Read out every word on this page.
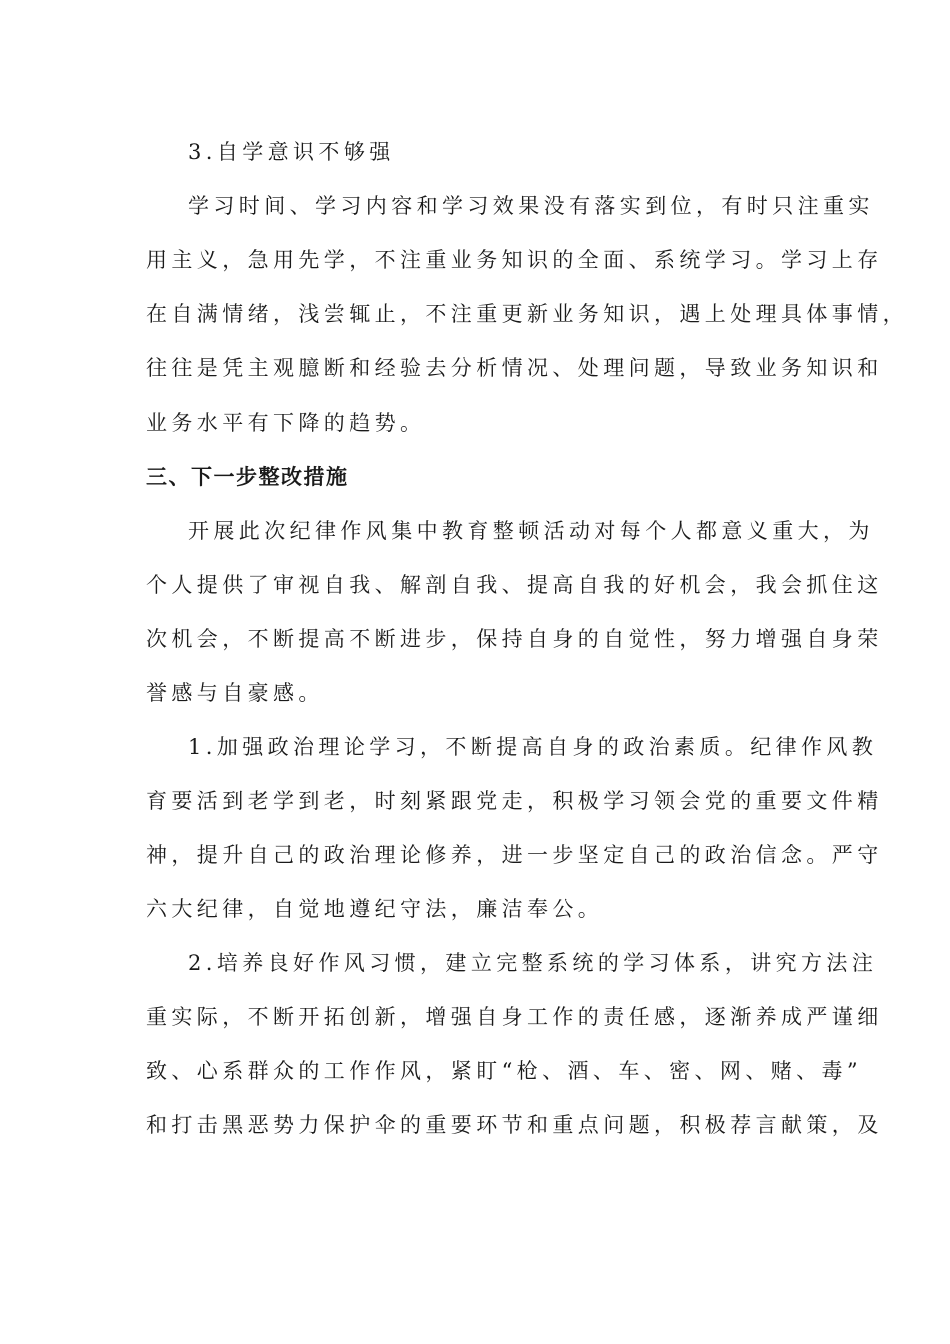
3.自学意识不够强
学习时间、学习内容和学习效果没有落实到位，有时只注重实
用主义，急用先学，不注重业务知识的全面、系统学习。学习上存
在自满情绪，浅尝辄止，不注重更新业务知识，遇上处理具体事情，
往往是凭主观臆断和经验去分析情况、处理问题，导致业务知识和
业务水平有下降的趋势。
三、下一步整改措施
开展此次纪律作风集中教育整顿活动对每个人都意义重大，为
个人提供了审视自我、解剖自我、提高自我的好机会，我会抓住这
次机会，不断提高不断进步，保持自身的自觉性，努力增强自身荣
誉感与自豪感。
1.加强政治理论学习，不断提高自身的政治素质。纪律作风教
育要活到老学到老，时刻紧跟党走，积极学习领会党的重要文件精
神，提升自己的政治理论修养，进一步坚定自己的政治信念。严守
六大纪律，自觉地遵纪守法，廉洁奉公。
2.培养良好作风习惯，建立完整系统的学习体系，讲究方法注
重实际，不断开拓创新，增强自身工作的责任感，逐渐养成严谨细
致、心系群众的工作作风，紧盯“枪、酒、车、密、网、赌、毒”
和打击黑恶势力保护伞的重要环节和重点问题，积极荐言献策，及
